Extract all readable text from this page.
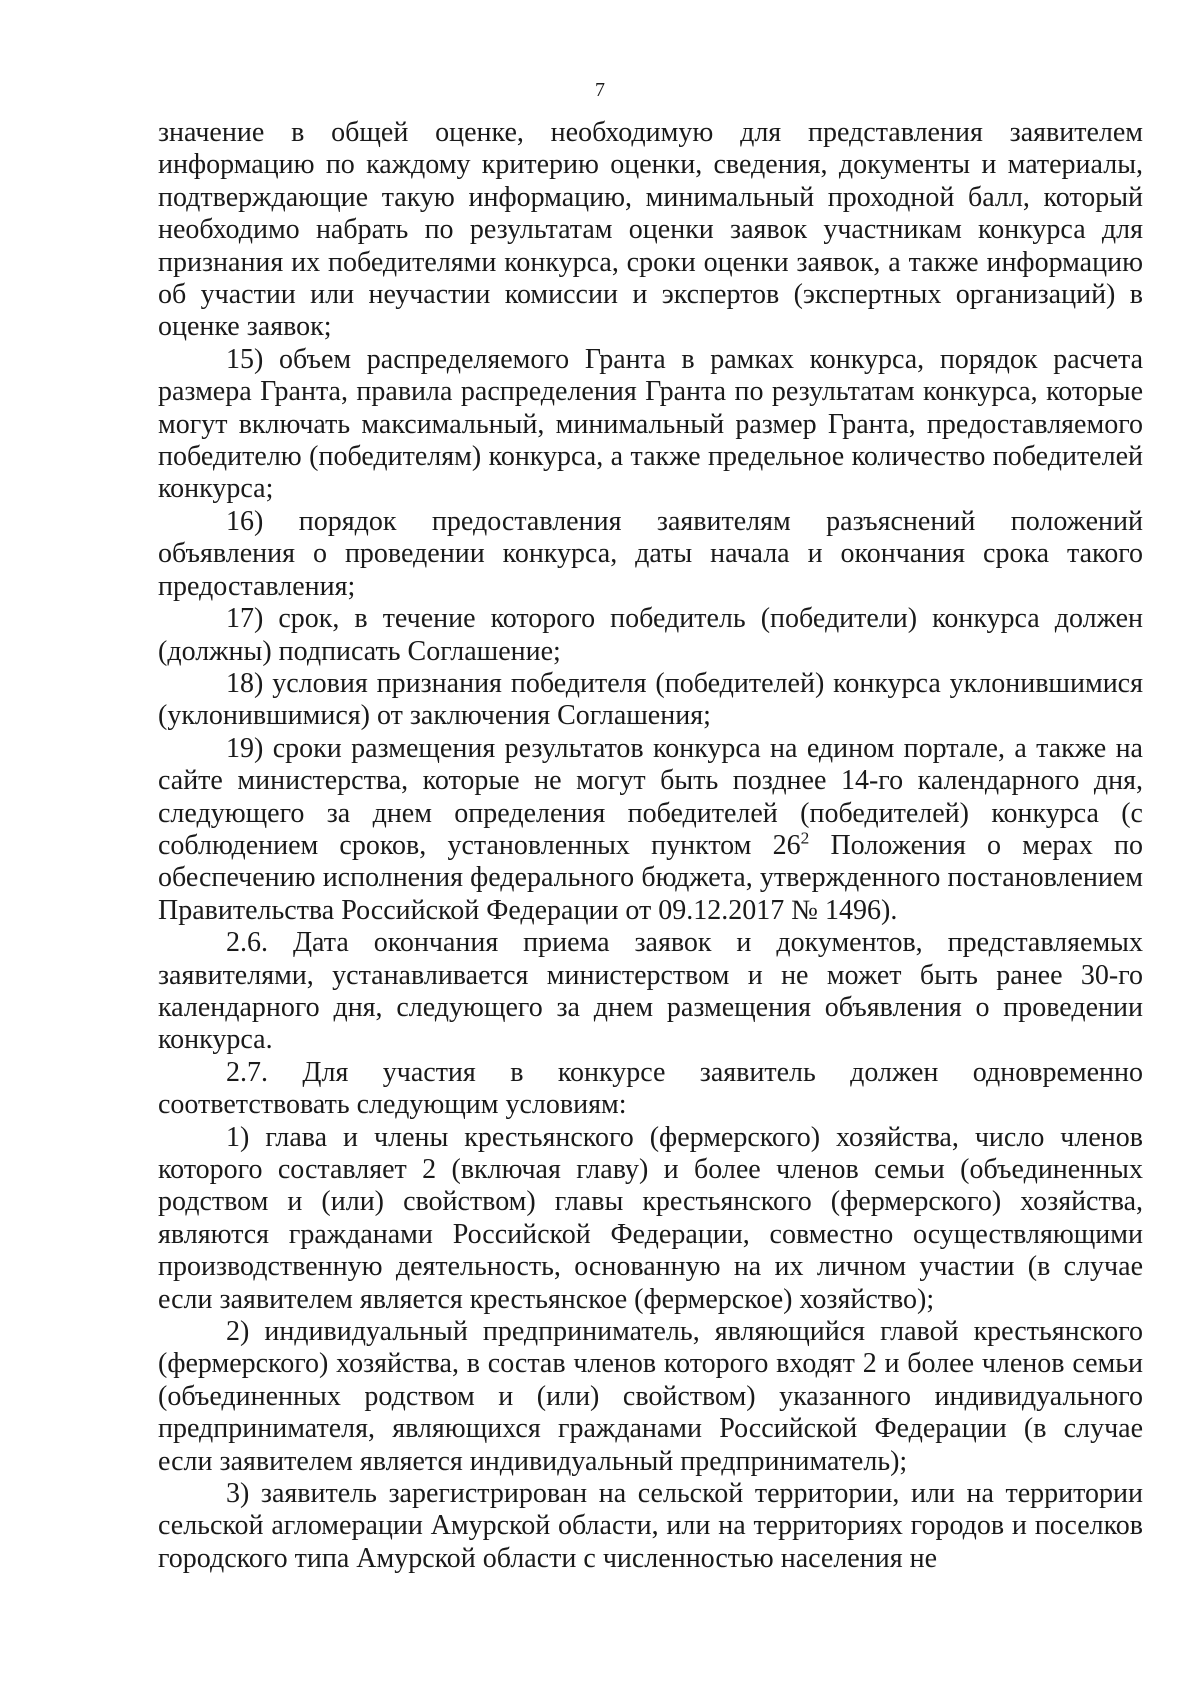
7

значение в общей оценке, необходимую для представления заявителем информацию по каждому критерию оценки, сведения, документы и материалы, подтверждающие такую информацию, минимальный проходной балл, который необходимо набрать по результатам оценки заявок участникам конкурса для признания их победителями конкурса, сроки оценки заявок, а также информацию об участии или неучастии комиссии и экспертов (экспертных организаций) в оценке заявок;

15) объем распределяемого Гранта в рамках конкурса, порядок расчета размера Гранта, правила распределения Гранта по результатам конкурса, которые могут включать максимальный, минимальный размер Гранта, предоставляемого победителю (победителям) конкурса, а также предельное количество победителей конкурса;

16) порядок предоставления заявителям разъяснений положений объявления о проведении конкурса, даты начала и окончания срока такого предоставления;

17) срок, в течение которого победитель (победители) конкурса должен (должны) подписать Соглашение;

18) условия признания победителя (победителей) конкурса уклонившимися (уклонившимися) от заключения Соглашения;

19) сроки размещения результатов конкурса на едином портале, а также на сайте министерства, которые не могут быть позднее 14-го календарного дня, следующего за днем определения победителей (победителей) конкурса (с соблюдением сроков, установленных пунктом $26^2$ Положения о мерах по обеспечению исполнения федерального бюджета, утвержденного постановлением Правительства Российской Федерации от 09.12.2017 № 1496).

2.6. Дата окончания приема заявок и документов, представляемых заявителями, устанавливается министерством и не может быть ранее 30-го календарного дня, следующего за днем размещения объявления о проведении конкурса.

2.7. Для участия в конкурсе заявитель должен одновременно соответствовать следующим условиям:

1) глава и члены крестьянского (фермерского) хозяйства, число членов которого составляет 2 (включая главу) и более членов семьи (объединенных родством и (или) свойством) главы крестьянского (фермерского) хозяйства, являются гражданами Российской Федерации, совместно осуществляющими производственную деятельность, основанную на их личном участии (в случае если заявителем является крестьянское (фермерское) хозяйство);

2) индивидуальный предприниматель, являющийся главой крестьянского (фермерского) хозяйства, в состав членов которого входят 2 и более членов семьи (объединенных родством и (или) свойством) указанного индивидуального предпринимателя, являющихся гражданами Российской Федерации (в случае если заявителем является индивидуальный предприниматель);

3) заявитель зарегистрирован на сельской территории, или на территории сельской агломерации Амурской области, или на территориях городов и поселков городского типа Амурской области с численностью населения не
